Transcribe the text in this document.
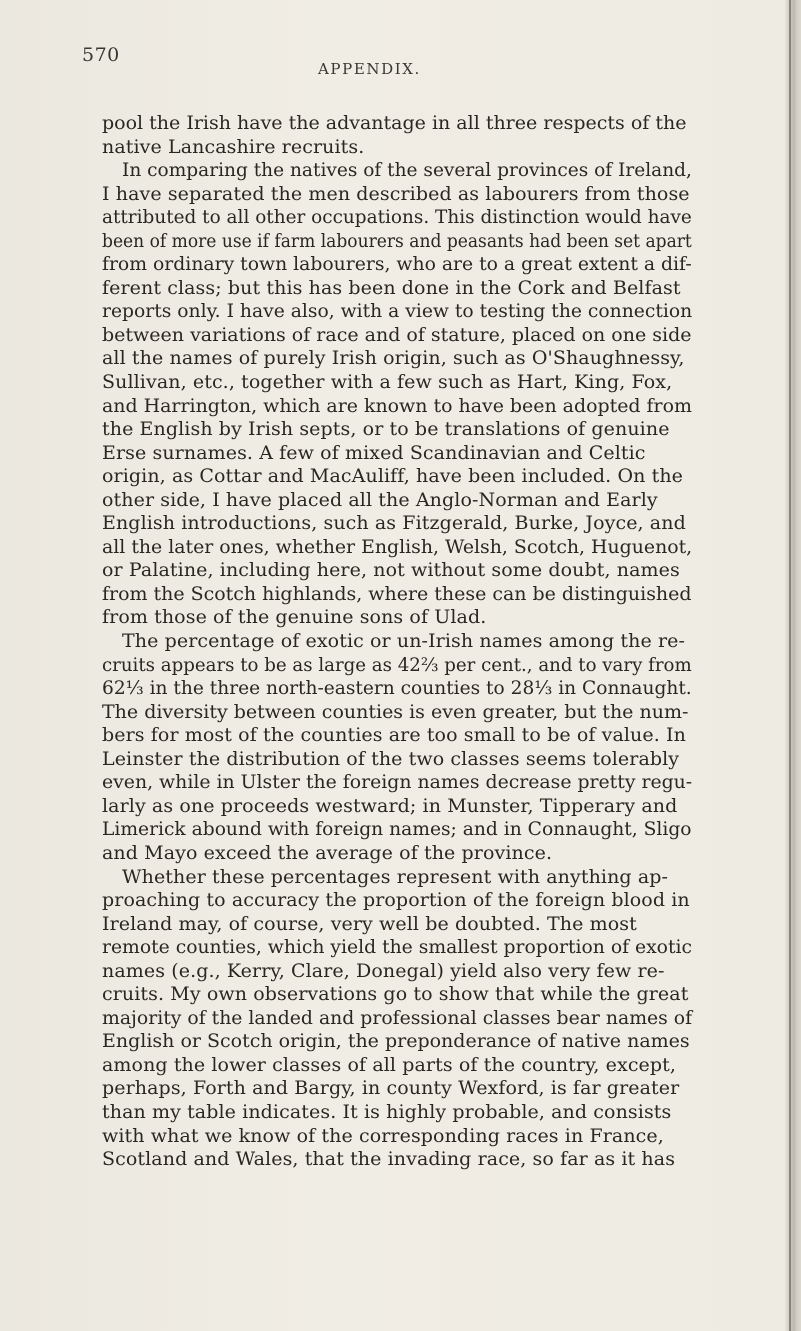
570
APPENDIX.
pool the Irish have the advantage in all three respects of the
native Lancashire recruits.
In comparing the natives of the several provinces of Ireland,
I have separated the men described as labourers from those
attributed to all other occupations. This distinction would have
been of more use if farm labourers and peasants had been set apart
from ordinary town labourers, who are to a great extent a dif-
ferent class; but this has been done in the Cork and Belfast
reports only. I have also, with a view to testing the connection
between variations of race and of stature, placed on one side
all the names of purely Irish origin, such as O'Shaughnessy,
Sullivan, etc., together with a few such as Hart, King, Fox,
and Harrington, which are known to have been adopted from
the English by Irish septs, or to be translations of genuine
Erse surnames. A few of mixed Scandinavian and Celtic
origin, as Cottar and MacAuliff, have been included. On the
other side, I have placed all the Anglo-Norman and Early
English introductions, such as Fitzgerald, Burke, Joyce, and
all the later ones, whether English, Welsh, Scotch, Huguenot,
or Palatine, including here, not without some doubt, names
from the Scotch highlands, where these can be distinguished
from those of the genuine sons of Ulad.
The percentage of exotic or un-Irish names among the re-
cruits appears to be as large as 42⅔ per cent., and to vary from
62⅓ in the three north-eastern counties to 28⅓ in Connaught.
The diversity between counties is even greater, but the num-
bers for most of the counties are too small to be of value. In
Leinster the distribution of the two classes seems tolerably
even, while in Ulster the foreign names decrease pretty regu-
larly as one proceeds westward; in Munster, Tipperary and
Limerick abound with foreign names; and in Connaught, Sligo
and Mayo exceed the average of the province.
Whether these percentages represent with anything ap-
proaching to accuracy the proportion of the foreign blood in
Ireland may, of course, very well be doubted. The most
remote counties, which yield the smallest proportion of exotic
names (e.g., Kerry, Clare, Donegal) yield also very few re-
cruits. My own observations go to show that while the great
majority of the landed and professional classes bear names of
English or Scotch origin, the preponderance of native names
among the lower classes of all parts of the country, except,
perhaps, Forth and Bargy, in county Wexford, is far greater
than my table indicates. It is highly probable, and consists
with what we know of the corresponding races in France,
Scotland and Wales, that the invading race, so far as it has
